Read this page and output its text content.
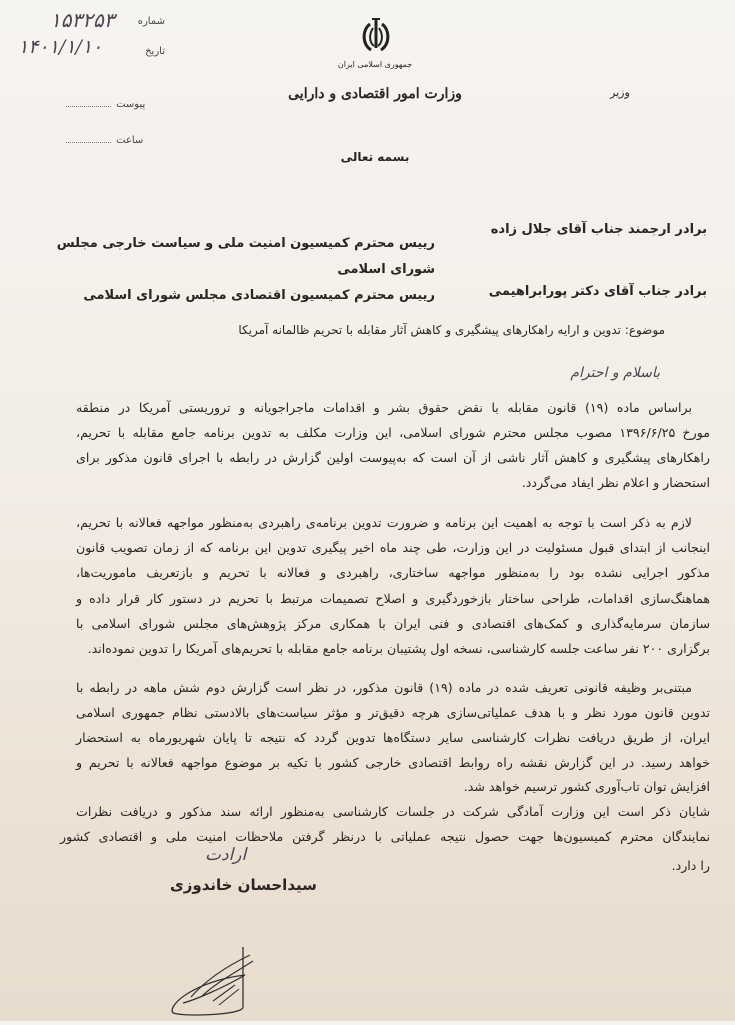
۱۵۳۲۵۳ شماره
۱۴۰۱/۱/۱۰	تاریخ
پیوست
ساعت
جمهوری اسلامی ایران
وزارت امور اقتصادی و دارایی	وزیر
بسمه تعالی
برادر ارجمند جناب آقای جلال زاده
رییس محترم کمیسیون امنیت ملی و سیاست خارجی مجلس
شورای اسلامی
برادر جناب آقای دکتر پورابراهیمی
رییس محترم کمیسیون اقتصادی مجلس شورای اسلامی
موضوع: تدوین و ارایه راهکارهای پیشگیری و کاهش آثار مقابله با تحریم ظالمانه آمریکا
باسلام و احترام
براساس ماده (۱۹) قانون مقابله با نقض حقوق بشر و اقدامات ماجراجویانه و تروریستی آمریکا در منطقه
مورخ ۱۳۹۶/۶/۲۵ مصوب مجلس محترم شورای اسلامی، این وزارت مکلف به تدوین برنامه جامع مقابله با تحریم،
راهکارهای پیشگیری و کاهش آثار ناشی از آن است که به‌پیوست اولین گزارش در رابطه با اجرای قانون مذکور برای
استحضار و اعلام نظر ایفاد می‌گردد.
لازم به ذکر است با توجه به اهمیت این برنامه و ضرورت تدوین برنامه‌ی راهبردی به‌منظور مواجهه فعالانه با تحریم،
اینجانب از ابتدای قبول مسئولیت در این وزارت، طی چند ماه اخیر پیگیری تدوین این برنامه که از زمان تصویب قانون
مذکور اجرایی نشده بود را به‌منظور مواجهه ساختاری، راهبردی و فعالانه با تحریم و بازتعریف ماموریت‌ها،
هماهنگ‌سازی اقدامات، طراحی ساختار بازخوردگیری و اصلاح تصمیمات مرتبط با تحریم در دستور کار قرار داده و
سازمان سرمایه‌گذاری و کمک‌های اقتصادی و فنی ایران با همکاری مرکز پژوهش‌های مجلس شورای اسلامی با
برگزاری ۲۰۰ نفر ساعت جلسه کارشناسی، نسخه اول پشتیبان برنامه جامع مقابله با تحریم‌های آمریکا را تدوین نموده‌اند.
مبتنی‌بر وظیفه قانونی تعریف شده در ماده (۱۹) قانون مذکور، در نظر است گزارش دوم شش ماهه در رابطه با
تدوین قانون مورد نظر و با هدف عملیاتی‌سازی هرچه دقیق‌تر و مؤثر سیاست‌های بالادستی نظام جمهوری اسلامی
ایران، از طریق دریافت نظرات کارشناسی سایر دستگاه‌ها تدوین گردد که نتیجه تا پایان شهریورماه به استحضار
خواهد رسید. در این گزارش نقشه راه روابط اقتصادی خارجی کشور با تکیه بر موضوع مواجهه فعالانه با تحریم و
افزایش توان تاب‌آوری کشور ترسیم خواهد شد.
شایان ذکر است این وزارت آمادگی شرکت در جلسات کارشناسی به‌منظور ارائه سند مذکور و دریافت نظرات
نمایندگان محترم کمیسیون‌ها جهت حصول نتیجه عملیاتی با درنظر گرفتن ملاحظات امنیت ملی و اقتصادی کشور
را دارد.
ارادت
سیداحسان خاندوزی
